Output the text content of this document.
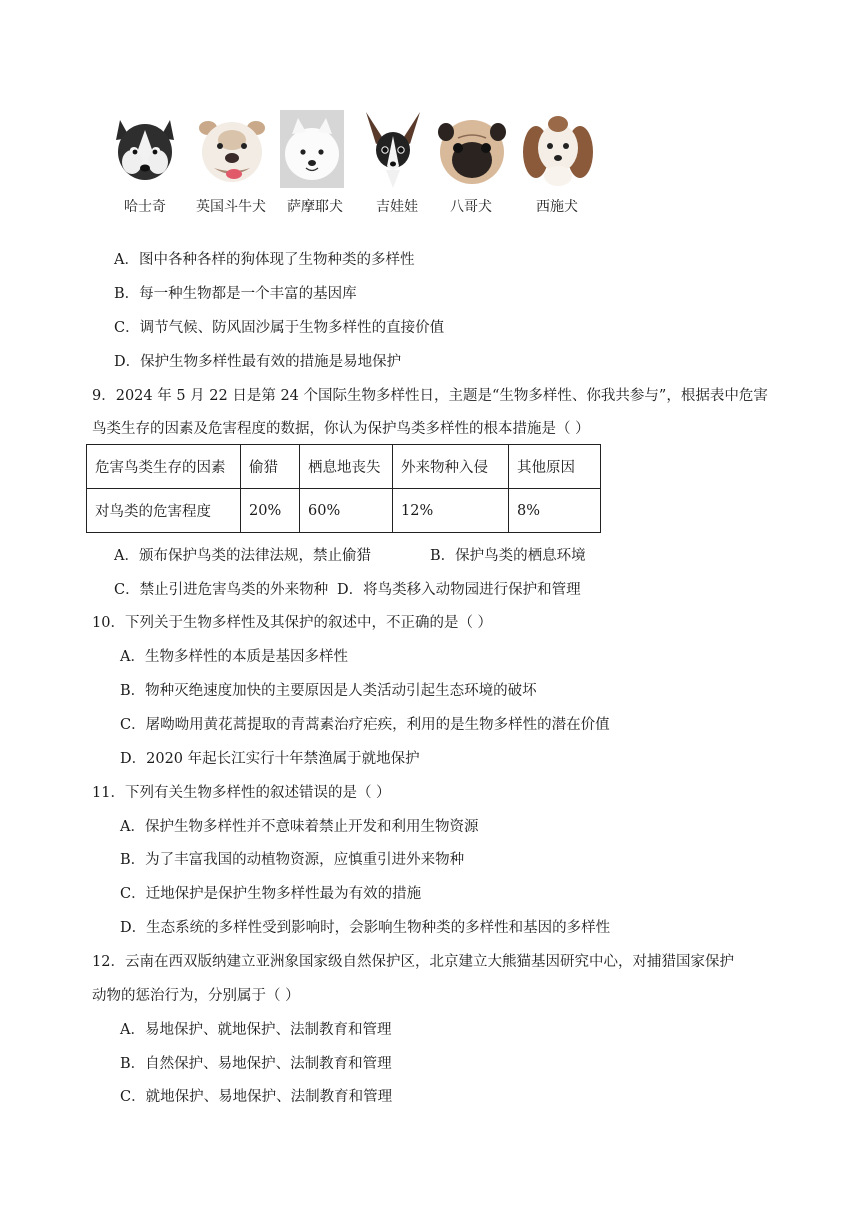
哈士奇	英国斗牛犬	萨摩耶犬	吉娃娃	八哥犬	西施犬
A．图中各种各样的狗体现了生物种类的多样性
B．每一种生物都是一个丰富的基因库
C．调节气候、防风固沙属于生物多样性的直接价值
D．保护生物多样性最有效的措施是易地保护
9．2024 年 5 月 22 日是第 24 个国际生物多样性日，主题是“生物多样性、你我共参与”，根据表中危害
鸟类生存的因素及危害程度的数据，你认为保护鸟类多样性的根本措施是（ ）
危害鸟类生存的因素	偷猎	栖息地丧失	外来物种入侵	其他原因
对鸟类的危害程度	20%	60%	12%	8%
A．颁布保护鸟类的法律法规，禁止偷猎	B．保护鸟类的栖息环境
C．禁止引进危害鸟类的外来物种 D．将鸟类移入动物园进行保护和管理
10．下列关于生物多样性及其保护的叙述中，不正确的是（ ）
A．生物多样性的本质是基因多样性
B．物种灭绝速度加快的主要原因是人类活动引起生态环境的破坏
C．屠呦呦用黄花蒿提取的青蒿素治疗疟疾，利用的是生物多样性的潜在价值
D．2020 年起长江实行十年禁渔属于就地保护
11．下列有关生物多样性的叙述错误的是（ ）
A．保护生物多样性并不意味着禁止开发和利用生物资源
B．为了丰富我国的动植物资源，应慎重引进外来物种
C．迁地保护是保护生物多样性最为有效的措施
D．生态系统的多样性受到影响时，会影响生物种类的多样性和基因的多样性
12．云南在西双版纳建立亚洲象国家级自然保护区，北京建立大熊猫基因研究中心，对捕猎国家保护
动物的惩治行为，分别属于（ ）
A．易地保护、就地保护、法制教育和管理
B．自然保护、易地保护、法制教育和管理
C．就地保护、易地保护、法制教育和管理
